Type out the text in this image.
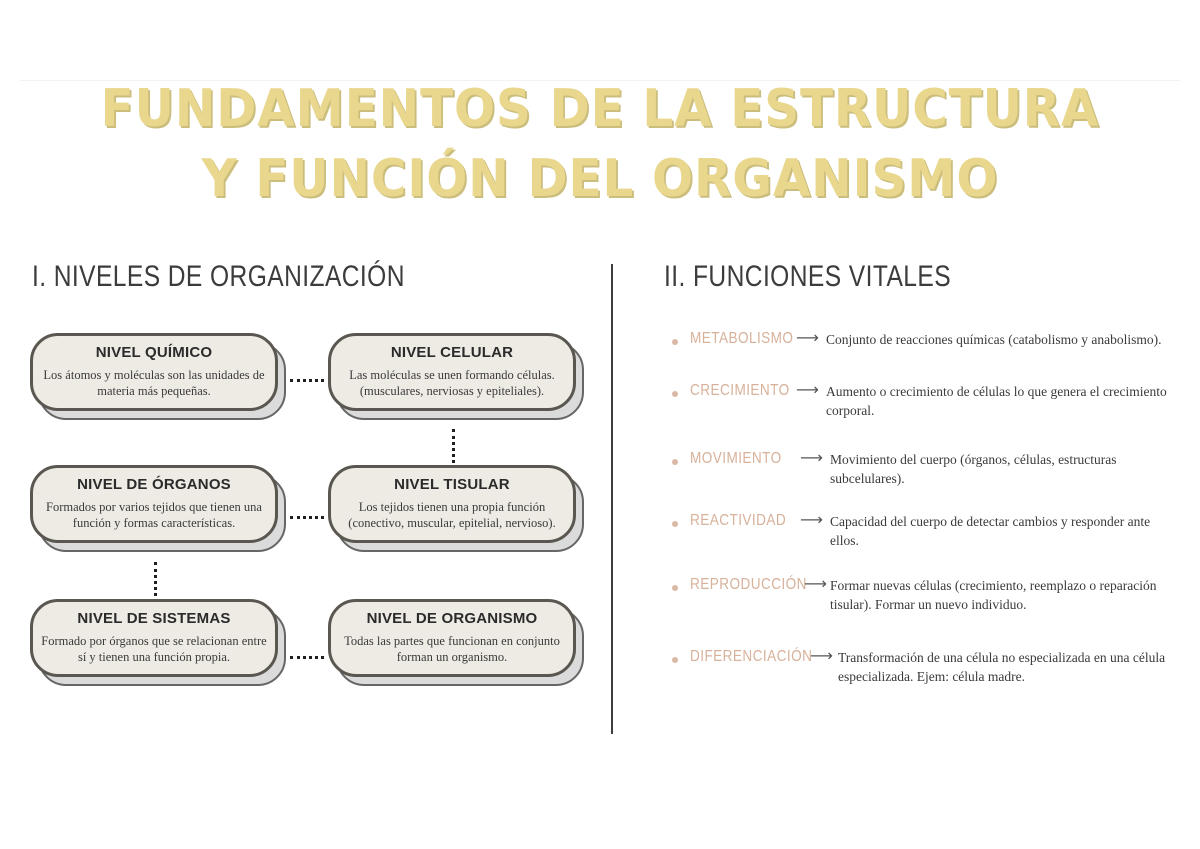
FUNDAMENTOS DE LA ESTRUCTURA
Y FUNCIÓN DEL ORGANISMO
I. NIVELES DE ORGANIZACIÓN	II. FUNCIONES VITALES
NIVEL QUÍMICO
Los átomos y moléculas son las unidades de materia más pequeñas.
NIVEL CELULAR
Las moléculas se unen formando células. (musculares, nerviosas y epiteliales).
NIVEL DE ÓRGANOS
Formados por varios tejidos que tienen una función y formas características.
NIVEL TISULAR
Los tejidos tienen una propia función (conectivo, muscular, epitelial, nervioso).
NIVEL DE SISTEMAS
Formado por órganos que se relacionan entre sí y tienen una función propia.
NIVEL DE ORGANISMO
Todas las partes que funcionan en conjunto forman un organismo.
METABOLISMO ⟶ Conjunto de reacciones químicas (catabolismo y anabolismo).
CRECIMIENTO ⟶ Aumento o crecimiento de células lo que genera el crecimiento corporal.
MOVIMIENTO ⟶ Movimiento del cuerpo (órganos, células, estructuras subcelulares).
REACTIVIDAD ⟶ Capacidad del cuerpo de detectar cambios y responder ante ellos.
REPRODUCCIÓN
⟶ Formar nuevas células (crecimiento, reemplazo o reparación tisular). Formar un nuevo individuo.
DIFERENCIACIÓN
⟶ Transformación de una célula no especializada en una célula especializada. Ejem: célula madre.
